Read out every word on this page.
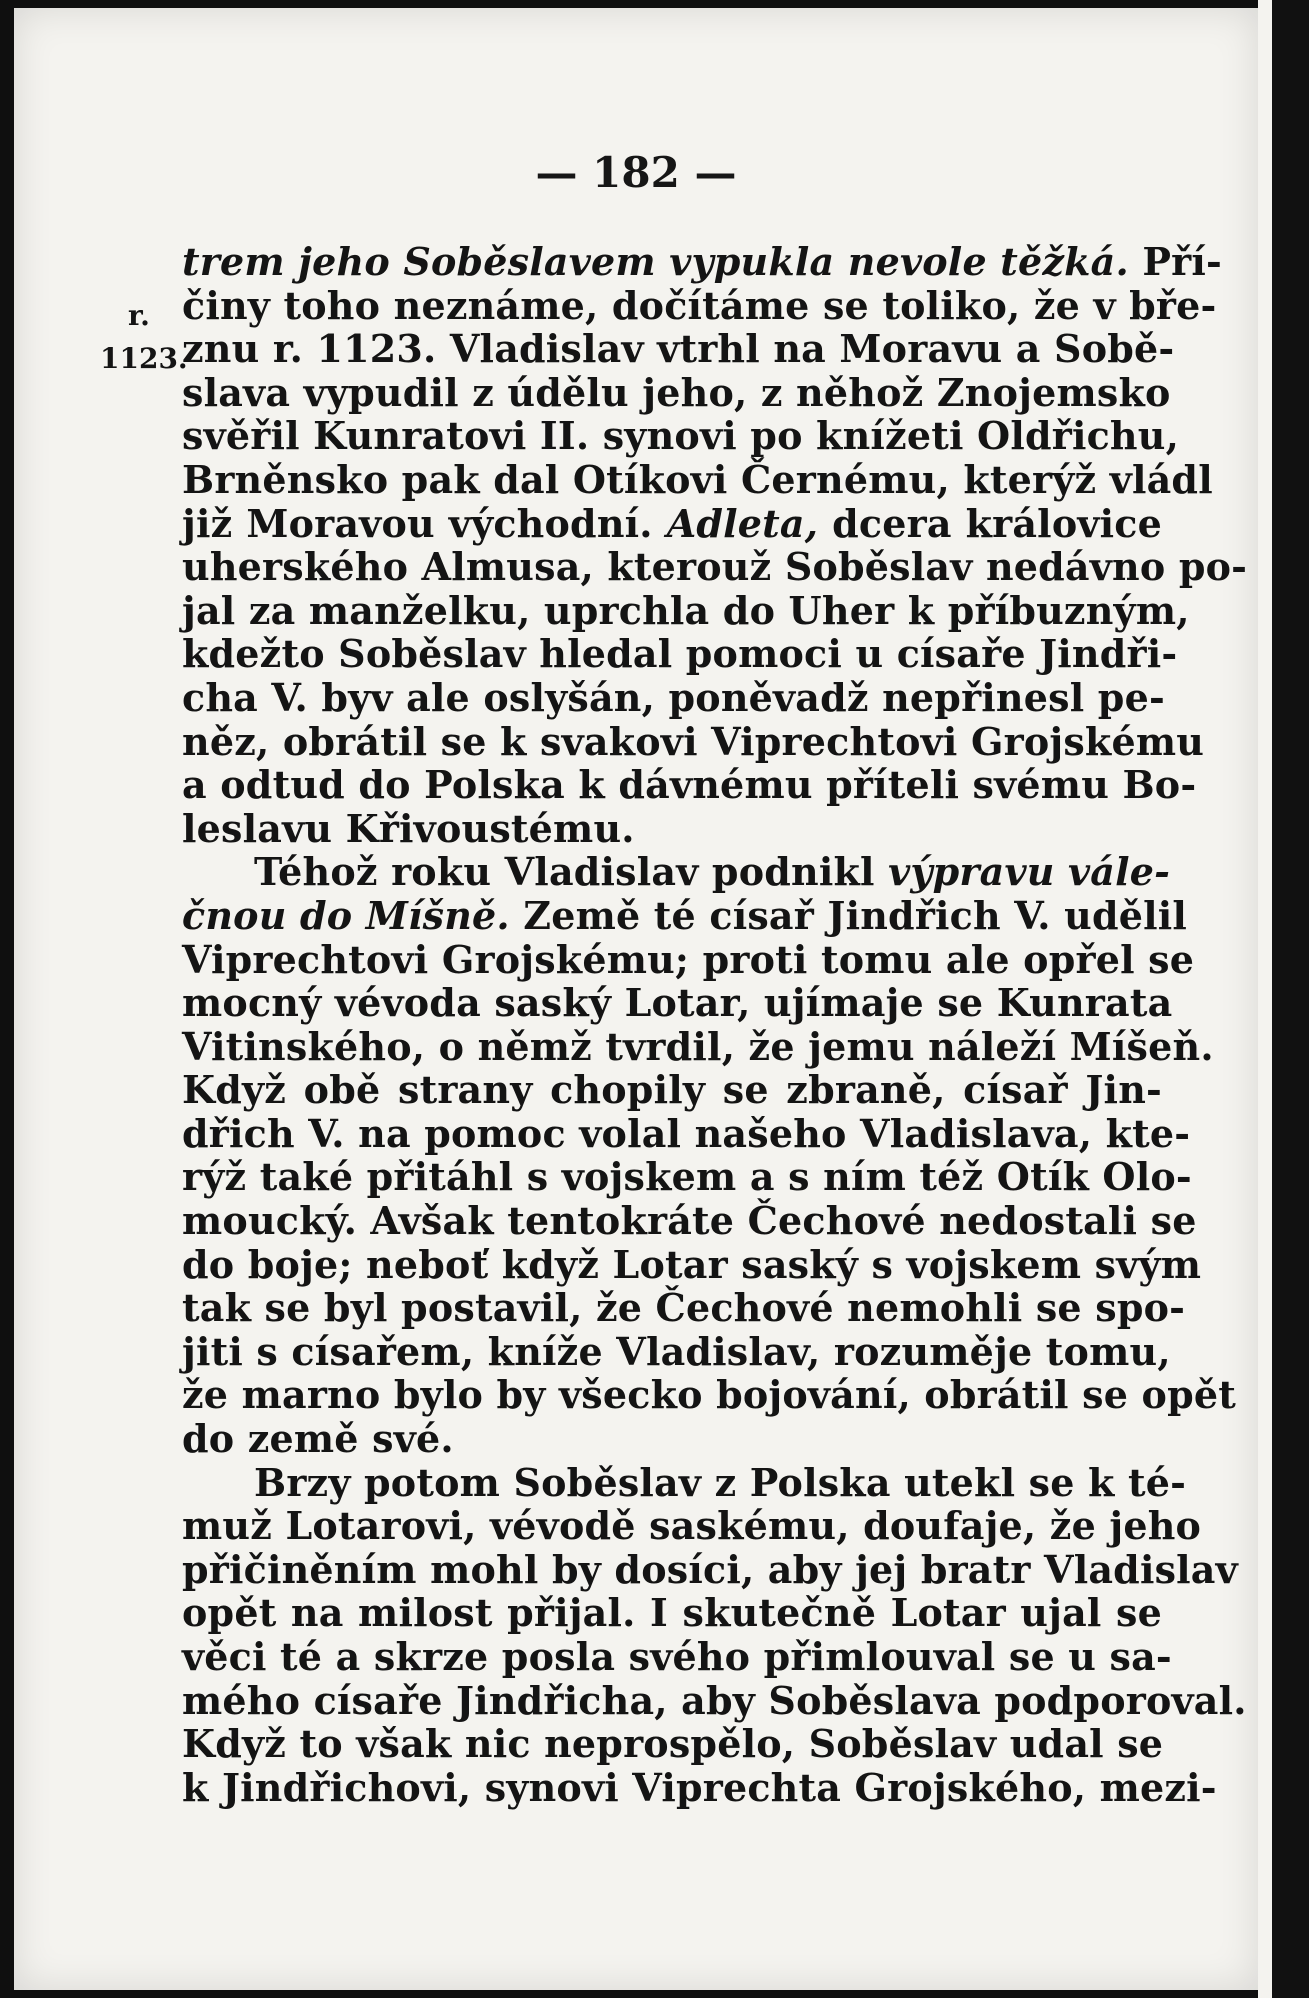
— 182 —
r.
1123.
trem jeho Soběslavem vypukla nevole těžká. Pří-
činy toho neznáme, dočítáme se toliko, že v bře-
znu r. 1123. Vladislav vtrhl na Moravu a Sobě-
slava vypudil z údělu jeho, z něhož Znojemsko
svěřil Kunratovi II. synovi po knížeti Oldřichu,
Brněnsko pak dal Otíkovi Černému, kterýž vládl
již Moravou východní. Adleta, dcera královice
uherského Almusa, kterouž Soběslav nedávno po-
jal za manželku, uprchla do Uher k příbuzným,
kdežto Soběslav hledal pomoci u císaře Jindři-
cha V. byv ale oslyšán, poněvadž nepřinesl pe-
něz, obrátil se k svakovi Viprechtovi Grojskému
a odtud do Polska k dávnému příteli svému Bo-
leslavu Křivoustému.
Téhož roku Vladislav podnikl výpravu vále-
čnou do Míšně. Země té císař Jindřich V. udělil
Viprechtovi Grojskému; proti tomu ale opřel se
mocný vévoda saský Lotar, ujímaje se Kunrata
Vitinského, o němž tvrdil, že jemu náleží Míšeň.
Když obě strany chopily se zbraně, císař Jin-
dřich V. na pomoc volal našeho Vladislava, kte-
rýž také přitáhl s vojskem a s ním též Otík Olo-
moucký. Avšak tentokráte Čechové nedostali se
do boje; neboť když Lotar saský s vojskem svým
tak se byl postavil, že Čechové nemohli se spo-
jiti s císařem, kníže Vladislav, rozuměje tomu,
že marno bylo by všecko bojování, obrátil se opět
do země své.
Brzy potom Soběslav z Polska utekl se k té-
muž Lotarovi, vévodě saskému, doufaje, že jeho
přičiněním mohl by dosíci, aby jej bratr Vladislav
opět na milost přijal. I skutečně Lotar ujal se
věci té a skrze posla svého přimlouval se u sa-
mého císaře Jindřicha, aby Soběslava podporoval.
Když to však nic neprospělo, Soběslav udal se
k Jindřichovi, synovi Viprechta Grojského, mezi-
